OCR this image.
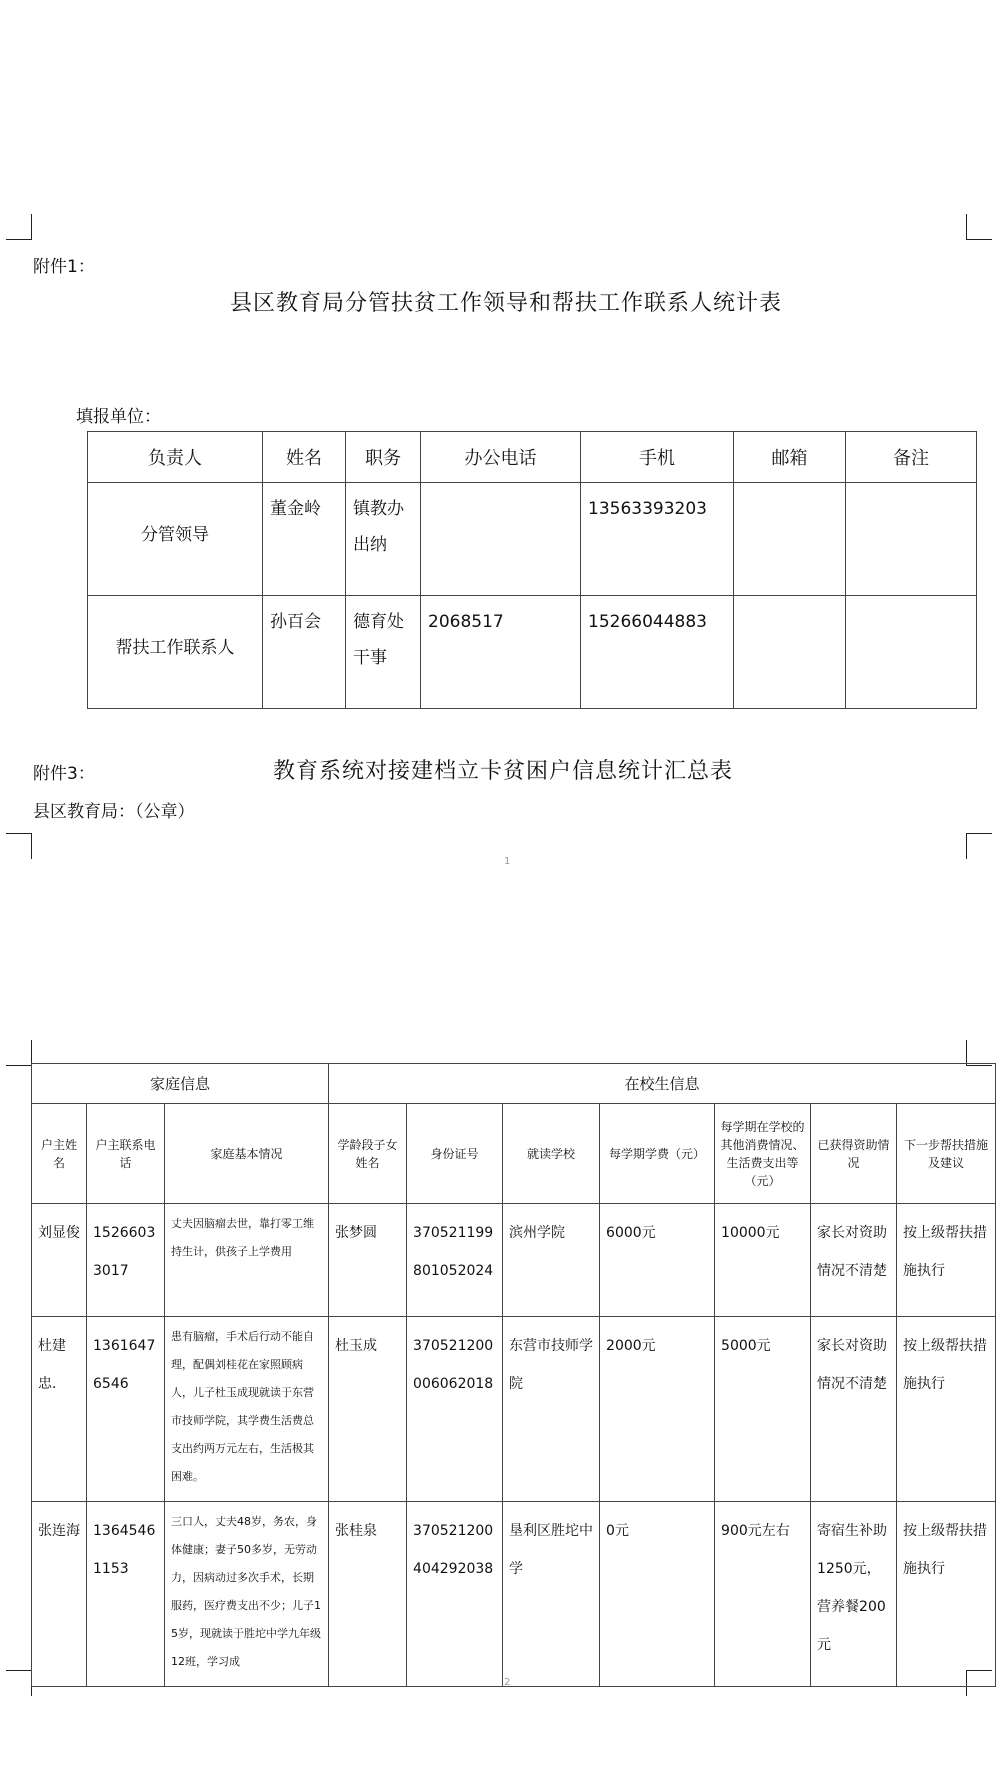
附件1：
县区教育局分管扶贫工作领导和帮扶工作联系人统计表
填报单位：
负责人	姓名	职务	办公电话	手机	邮箱	备注
分管领导	董金岭	镇教办出纳		13563393203		
帮扶工作联系人	孙百会	德育处干事	2068517	15266044883		
附件3：	教育系统对接建档立卡贫困户信息统计汇总表
县区教育局：（公章）
1
家庭信息			在校生信息						
户主姓名	户主联系电话	家庭基本情况	学龄段子女姓名	身份证号	就读学校	每学期学费（元）	每学期在学校的其他消费情况、生活费支出等（元）	已获得资助情况	下一步帮扶措施及建议
刘显俊	15266033017	丈夫因脑瘤去世，靠打零工维持生计，供孩子上学费用	张梦圆	370521199801052024	滨州学院	6000元	10000元	家长对资助情况不清楚	按上级帮扶措施执行
杜建忠.	13616476546	患有脑瘤，手术后行动不能自理，配偶刘桂花在家照顾病人，儿子杜玉成现就读于东营市技师学院，其学费生活费总支出约两万元左右，生活极其困难。	杜玉成	370521200006062018	东营市技师学院	2000元	5000元	家长对资助情况不清楚	按上级帮扶措施执行
张连海	13645461153	三口人，丈夫48岁，务农，身体健康；妻子50多岁，无劳动力，因病动过多次手术，长期服药，医疗费支出不少；儿子15岁，现就读于胜坨中学九年级12班，学习成	张桂泉	370521200404292038	垦利区胜坨中学	0元	900元左右	寄宿生补助1250元，营养餐200元	按上级帮扶措施执行
2
